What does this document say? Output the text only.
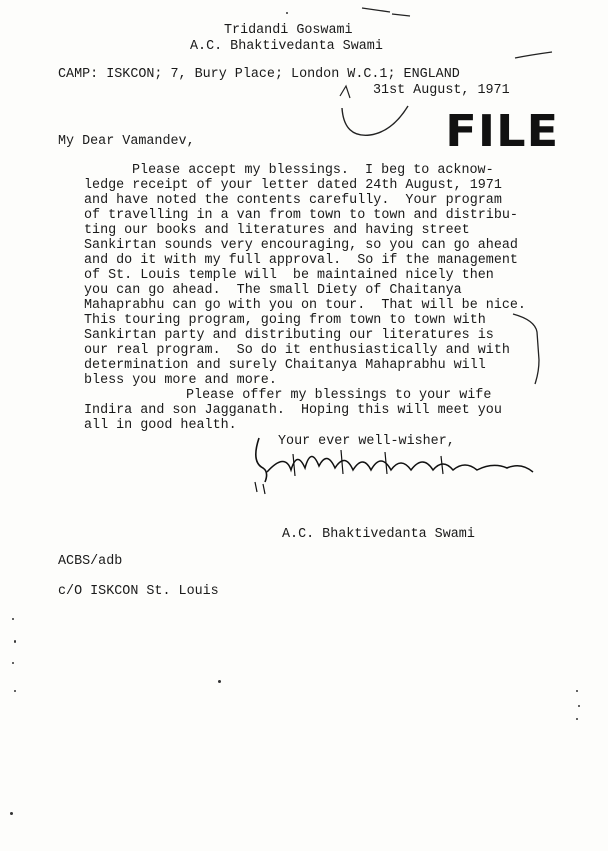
Tridandi Goswami
A.C. Bhaktivedanta Swami
CAMP: ISKCON; 7, Bury Place; London W.C.1; ENGLAND
31st August, 1971
FILE
My Dear Vamandev,
Please accept my blessings.  I beg to acknow-
ledge receipt of your letter dated 24th August, 1971
and have noted the contents carefully.  Your program
of travelling in a van from town to town and distribu-
ting our books and literatures and having street
Sankirtan sounds very encouraging, so you can go ahead
and do it with my full approval.  So if the management
of St. Louis temple will  be maintained nicely then
you can go ahead.  The small Diety of Chaitanya
Mahaprabhu can go with you on tour.  That will be nice.
This touring program, going from town to town with
Sankirtan party and distributing our literatures is
our real program.  So do it enthusiastically and with
determination and surely Chaitanya Mahaprabhu will
bless you more and more.
Please offer my blessings to your wife
Indira and son Jagganath.  Hoping this will meet you
all in good health.
Your ever well-wisher,
A.C. Bhaktivedanta Swami
ACBS/adb
c/O ISKCON St. Louis
